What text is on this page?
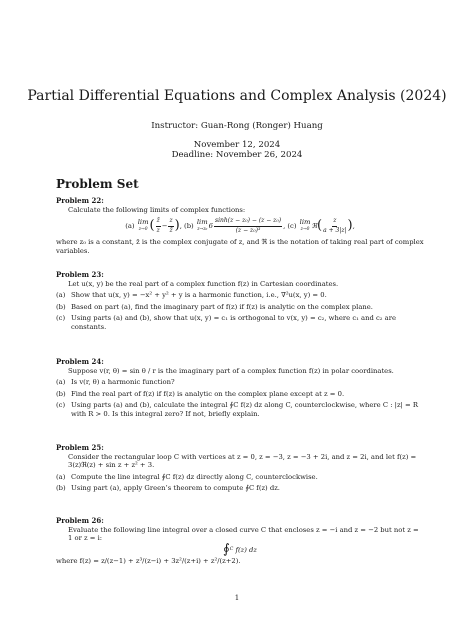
Partial Differential Equations and Complex Analysis (2024)
Instructor: Guan-Rong (Ronger) Huang
November 12, 2024
Deadline: November 26, 2024
Problem Set
Problem 22:
Calculate the following limits of complex functions:
(a)
lim
z→0 ( $\frac{z̄}{z} - \frac{z}{z̄}$ ) , (b)
lim
z→z₀ $6 \frac{\text{sinh(z − z₀) − (z − z₀)}}{\text{(z − z₀)³}}$ , (c)
lim
z→0 ℜ ( $\frac{z}{a + 3|z|}$ ) ,
where z₀ is a constant, z̄ is the complex conjugate of z, and ℜ is the notation of taking real part of complex variables.
Problem 23:
Let u(x, y) be the real part of a complex function f(z) in Cartesian coordinates.
(a) Show that u(x, y) = −x² + y² + y is a harmonic function, i.e., ∇²u(x, y) = 0.
(b) Based on part (a), find the imaginary part of f(z) if f(z) is analytic on the complex plane.
(c) Using parts (a) and (b), show that u(x, y) = c₁ is orthogonal to v(x, y) = c₂, where c₁ and c₂ are constants.
Problem 24:
Suppose v(r, θ) = sin θ / r is the imaginary part of a complex function f(z) in polar coordinates.
(a) Is v(r, θ) a harmonic function?
(b) Find the real part of f(z) if f(z) is analytic on the complex plane except at z = 0.
(c) Using parts (a) and (b), calculate the integral ∮C f(z) dz along C, counterclockwise, where C : |z| = R with R > 0. Is this integral zero? If not, briefly explain.
Problem 25:
Consider the rectangular loop C with vertices at z = 0, z = −3, z = −3 + 2i, and z = 2i, and let f(z) = 3(z)ℜ(z) + sin z + z² + 3.
(a) Compute the line integral ∮C f(z) dz directly along C, counterclockwise.
(b) Using part (a), apply Green’s theorem to compute ∮C f(z) dz.
Problem 26:
Evaluate the following line integral over a closed curve C that encloses z = −i and z = −2 but not z = 1 or z = i:
∮ C
f(z) dz
where f(z) = z/(z−1) + z³/(z−i) + 3z²/(z+i) + z²/(z+2).
1
